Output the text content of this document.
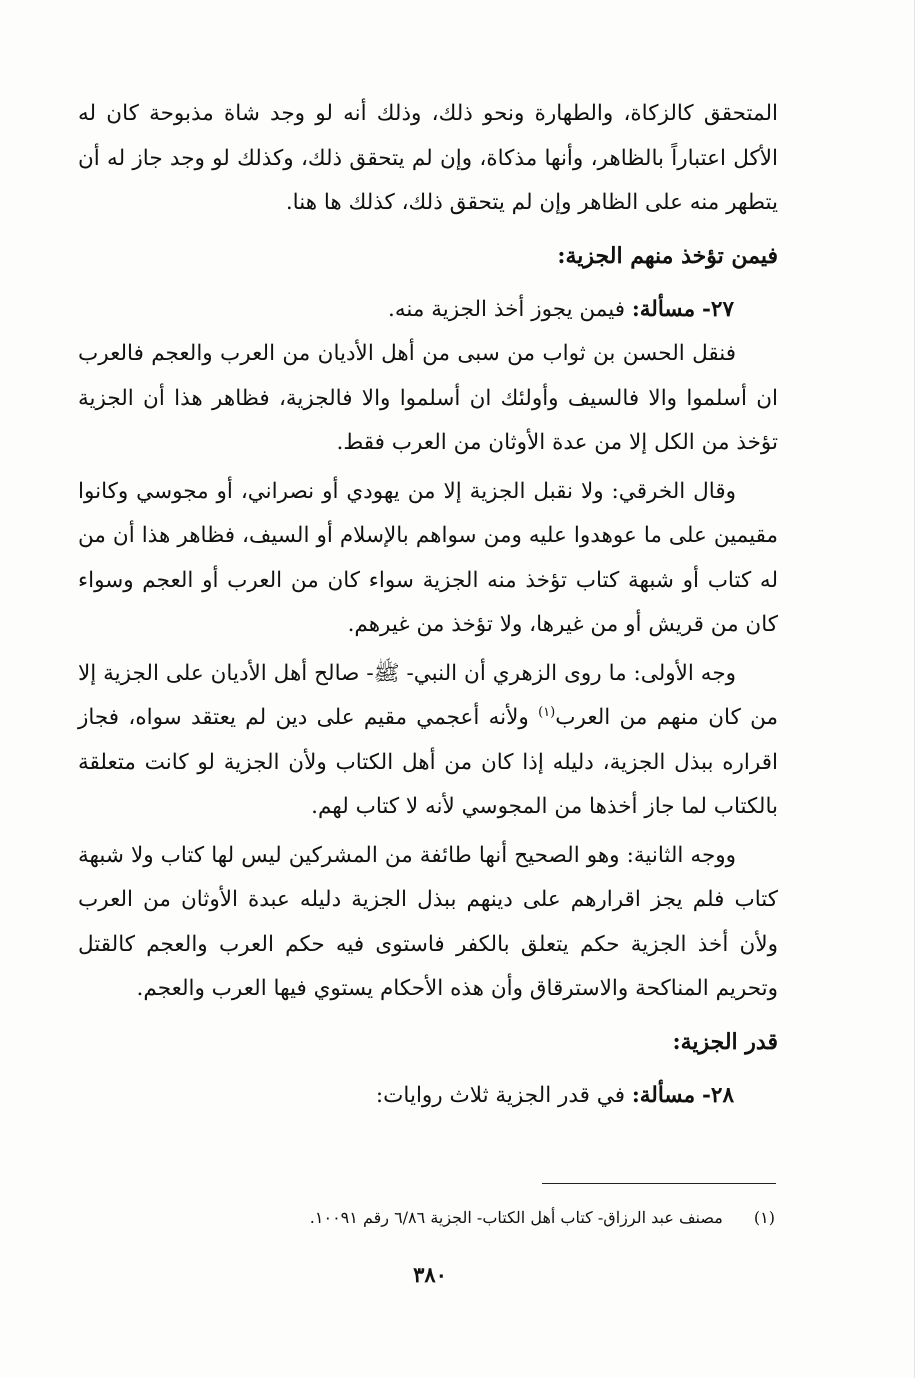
المتحقق كالزكاة، والطهارة ونحو ذلك، وذلك أنه لو وجد شاة مذبوحة كان له الأكل اعتباراً بالظاهر، وأنها مذكاة، وإن لم يتحقق ذلك، وكذلك لو وجد جاز له أن يتطهر منه على الظاهر وإن لم يتحقق ذلك، كذلك ها هنا.

فيمن تؤخذ منهم الجزية:

٢٧- مسألة: فيمن يجوز أخذ الجزية منه.

فنقل الحسن بن ثواب من سبى من أهل الأديان من العرب والعجم فالعرب ان أسلموا والا فالسيف وأولئك ان أسلموا والا فالجزية، فظاهر هذا أن الجزية تؤخذ من الكل إلا من عدة الأوثان من العرب فقط.

وقال الخرقي: ولا نقبل الجزية إلا من يهودي أو نصراني، أو مجوسي وكانوا مقيمين على ما عوهدوا عليه ومن سواهم بالإسلام أو السيف، فظاهر هذا أن من له كتاب أو شبهة كتاب تؤخذ منه الجزية سواء كان من العرب أو العجم وسواء كان من قريش أو من غيرها، ولا تؤخذ من غيرهم.

وجه الأولى: ما روى الزهري أن النبي- ﷺ- صالح أهل الأديان على الجزية إلا من كان منهم من العرب$^{(١)}$ ولأنه أعجمي مقيم على دين لم يعتقد سواه، فجاز اقراره ببذل الجزية، دليله إذا كان من أهل الكتاب ولأن الجزية لو كانت متعلقة بالكتاب لما جاز أخذها من المجوسي لأنه لا كتاب لهم.

ووجه الثانية: وهو الصحيح أنها طائفة من المشركين ليس لها كتاب ولا شبهة كتاب فلم يجز اقرارهم على دينهم ببذل الجزية دليله عبدة الأوثان من العرب ولأن أخذ الجزية حكم يتعلق بالكفر فاستوى فيه حكم العرب والعجم كالقتل وتحريم المناكحة والاسترقاق وأن هذه الأحكام يستوي فيها العرب والعجم.

قدر الجزية:

٢٨- مسألة: في قدر الجزية ثلاث روايات:

(١) مصنف عبد الرزاق- كتاب أهل الكتاب- الجزية ٦/٨٦ رقم ١٠٠٩١.
٣٨٠
